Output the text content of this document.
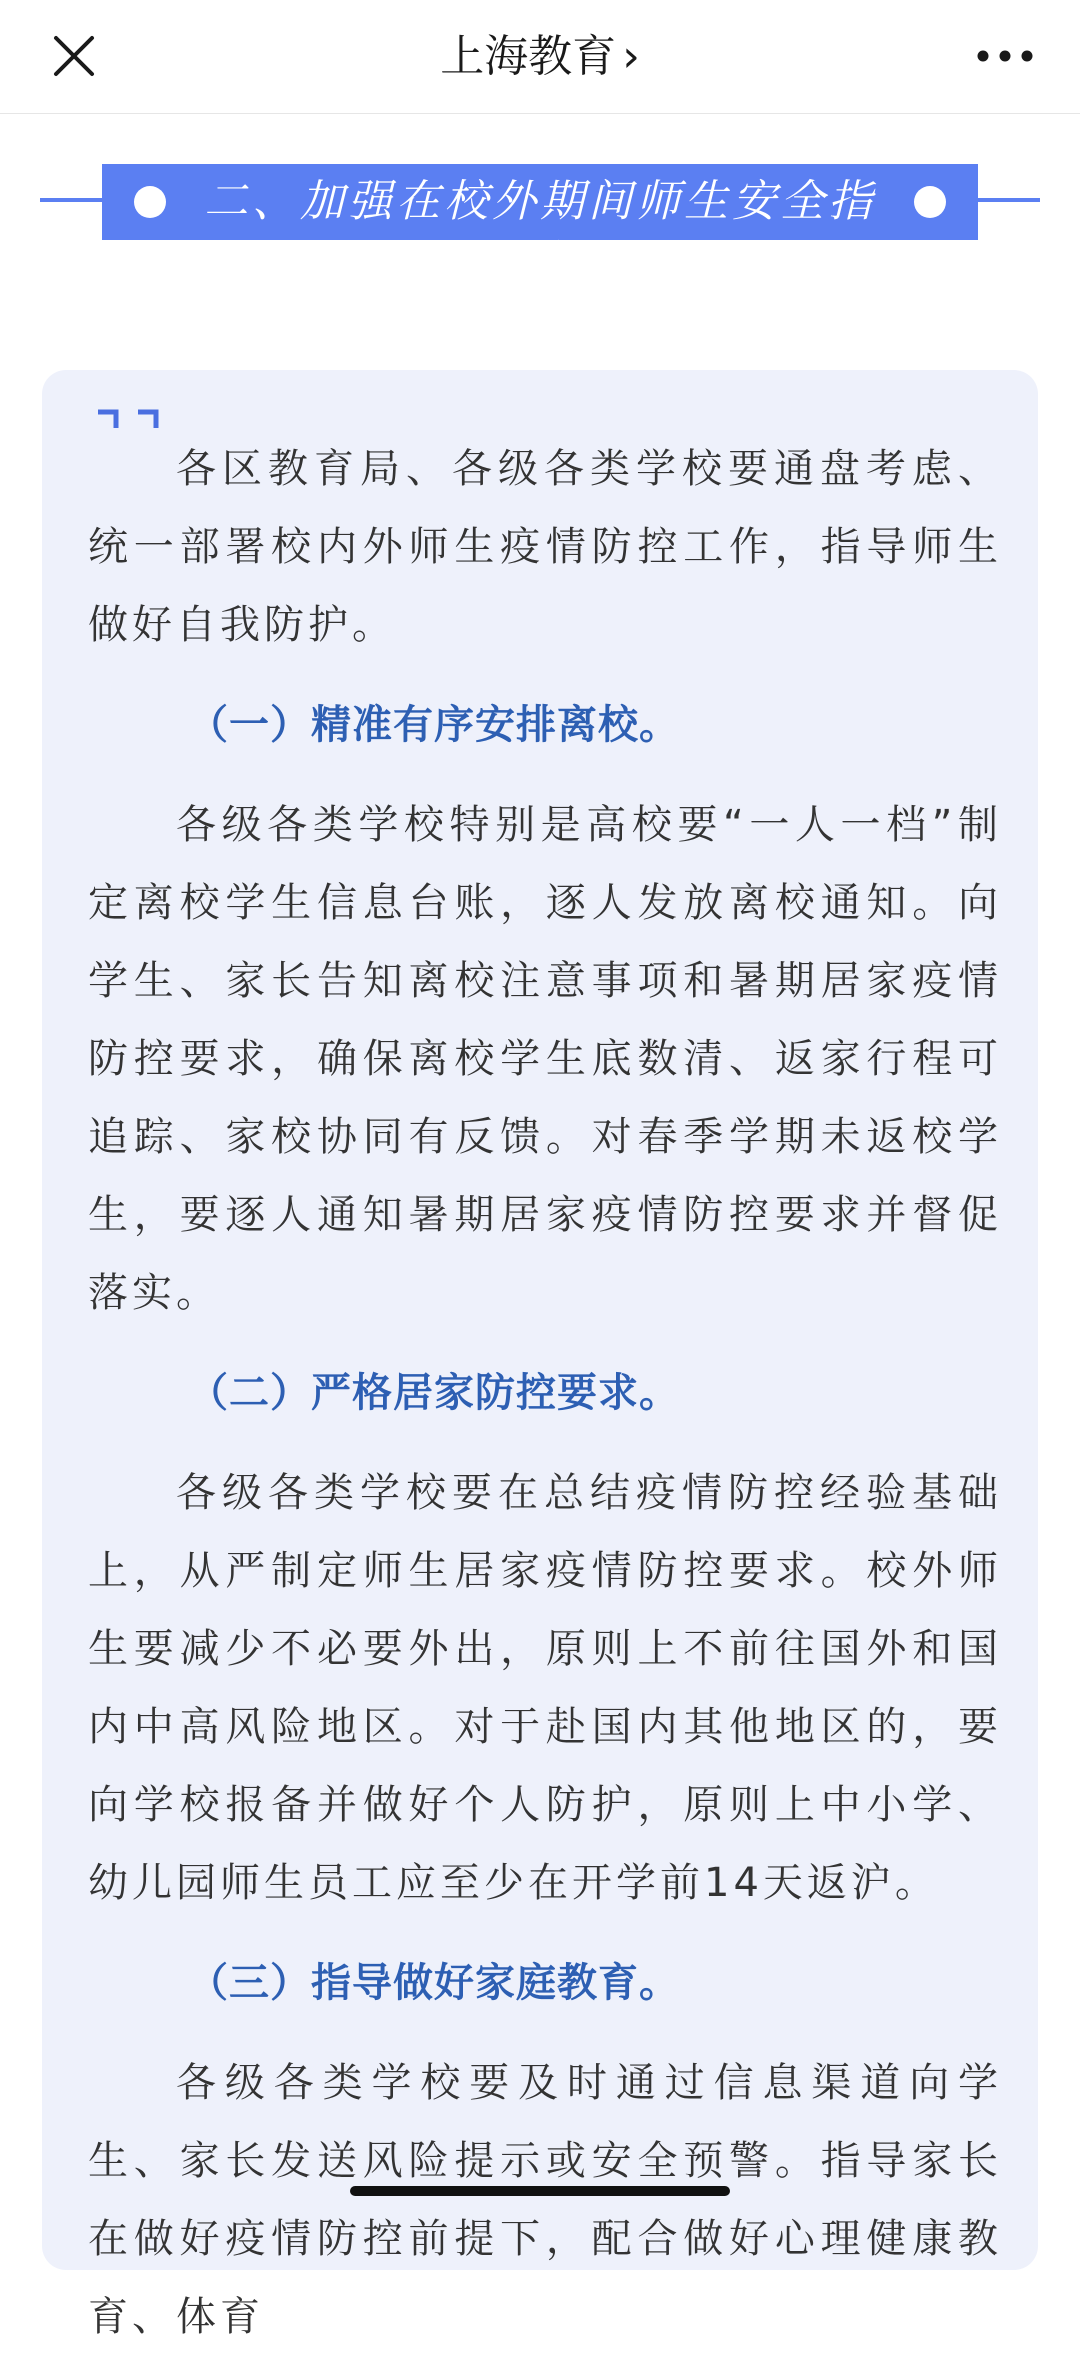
上海教育 ›
二、加强在校外期间师生安全指导

各区教育局、各级各类学校要通盘考虑、统一部署校内外师生疫情防控工作，指导师生做好自我防护。

（一）精准有序安排离校。

各级各类学校特别是高校要“一人一档”制定离校学生信息台账，逐人发放离校通知。向学生、家长告知离校注意事项和暑期居家疫情防控要求，确保离校学生底数清、返家行程可追踪、家校协同有反馈。对春季学期未返校学生，要逐人通知暑期居家疫情防控要求并督促落实。

（二）严格居家防控要求。

各级各类学校要在总结疫情防控经验基础上，从严制定师生居家疫情防控要求。校外师生要减少不必要外出，原则上不前往国外和国内中高风险地区。对于赴国内其他地区的，要向学校报备并做好个人防护，原则上中小学、幼儿园师生员工应至少在开学前14天返沪。

（三）指导做好家庭教育。

各级各类学校要及时通过信息渠道向学生、家长发送风险提示或安全预警。指导家长在做好疫情防控前提下，配合做好心理健康教育、体育
